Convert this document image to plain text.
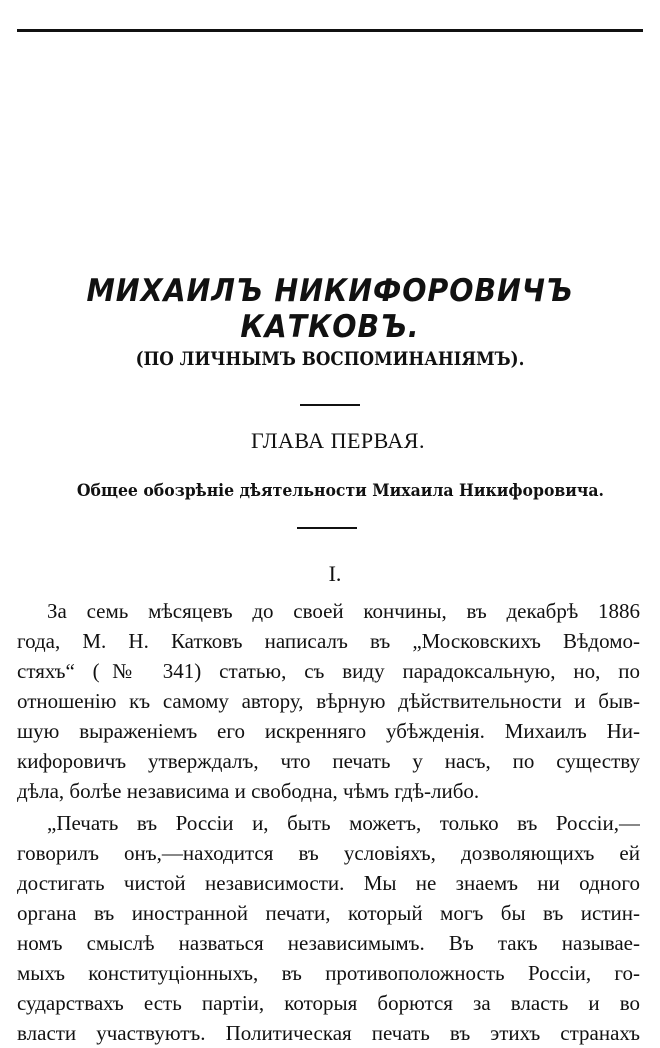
МИХАИЛЪ НИКИФОРОВИЧЪ КАТКОВЪ.
(ПО ЛИЧНЫМЪ ВОСПОМИНАНIЯМЪ).
ГЛАВА ПЕРВАЯ.
Общее обозрѣнiе дѣятельности Михаила Никифоровича.
I.
За семь мѣсяцевъ до своей кончины, въ декабрѣ 1886
года, М. Н. Катковъ написалъ въ „Московскихъ Вѣдомо-
стяхъ“ (№ 341) статью, съ виду парадоксальную, но, по
отношенiю къ самому автору, вѣрную дѣйствительности и быв-
шую выраженiемъ его искренняго убѣжденiя. Михаилъ Ни-
кифоровичъ утверждалъ, что печать у насъ, по существу
дѣла, болѣе независима и свободна, чѣмъ гдѣ-либо.
„Печать въ Россiи и, быть можетъ, только въ Россiи,—
говорилъ онъ,—находится въ условiяхъ, дозволяющихъ ей
достигать чистой независимости. Мы не знаемъ ни одного
органа въ иностранной печати, который могъ бы въ истин-
номъ смыслѣ назваться независимымъ. Въ такъ называе-
мыхъ конституцiонныхъ, въ противоположность Россiи, го-
сударствахъ есть партiи, которыя борются за власть и во
власти участвуютъ. Политическая печать въ этихъ странахъ
